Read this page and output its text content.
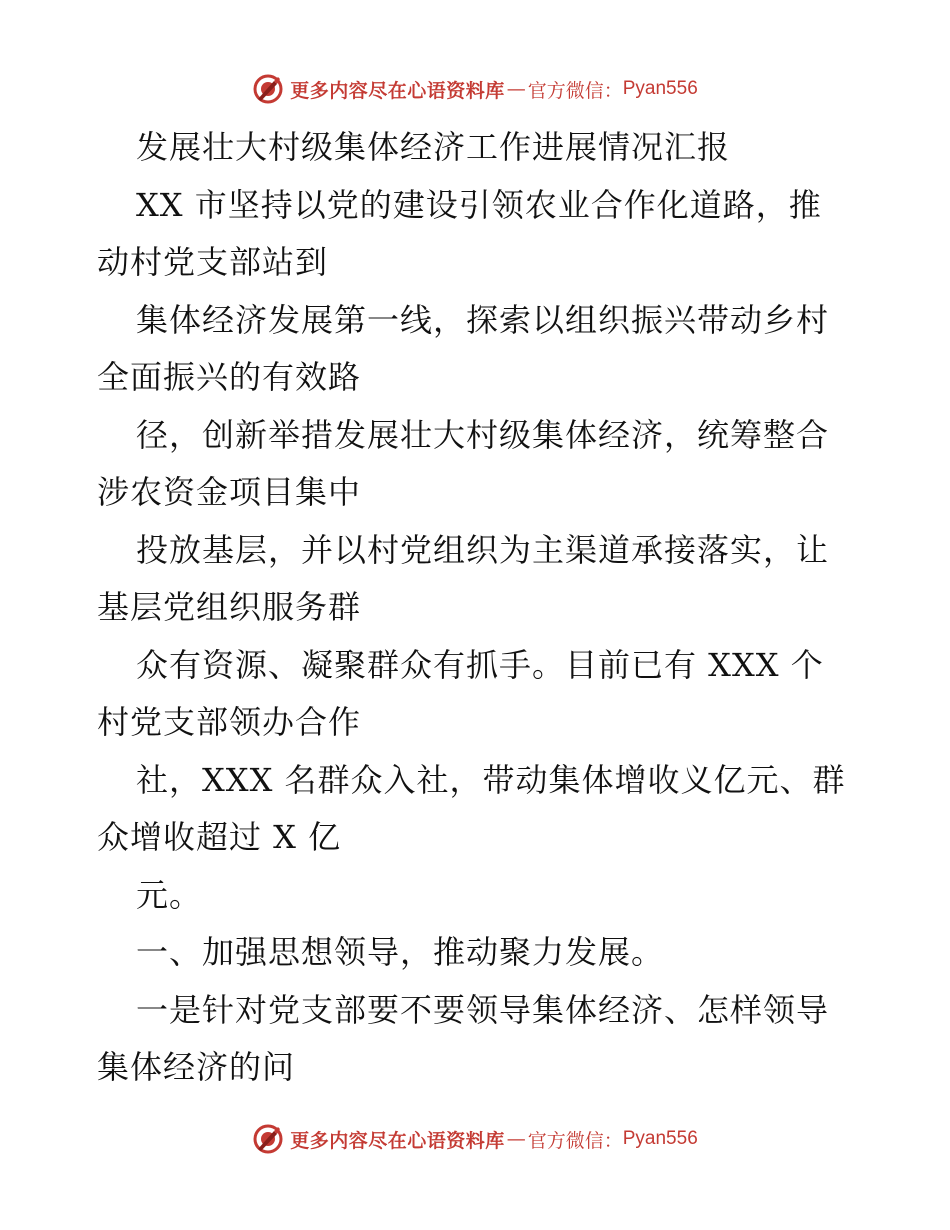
更多内容尽在心语资料库 — 官方微信： Pyan556
发展壮大村级集体经济工作进展情况汇报
XX 市坚持以党的建设引领农业合作化道路，推
动村党支部站到
集体经济发展第一线，探索以组织振兴带动乡村
全面振兴的有效路
径，创新举措发展壮大村级集体经济，统筹整合
涉农资金项目集中
投放基层，并以村党组织为主渠道承接落实，让
基层党组织服务群
众有资源、凝聚群众有抓手。目前已有 XXX 个
村党支部领办合作
社，XXX 名群众入社，带动集体增收义亿元、群
众增收超过 X 亿
元。
一、加强思想领导，推动聚力发展。
一是针对党支部要不要领导集体经济、怎样领导
集体经济的问
更多内容尽在心语资料库 — 官方微信： Pyan556
